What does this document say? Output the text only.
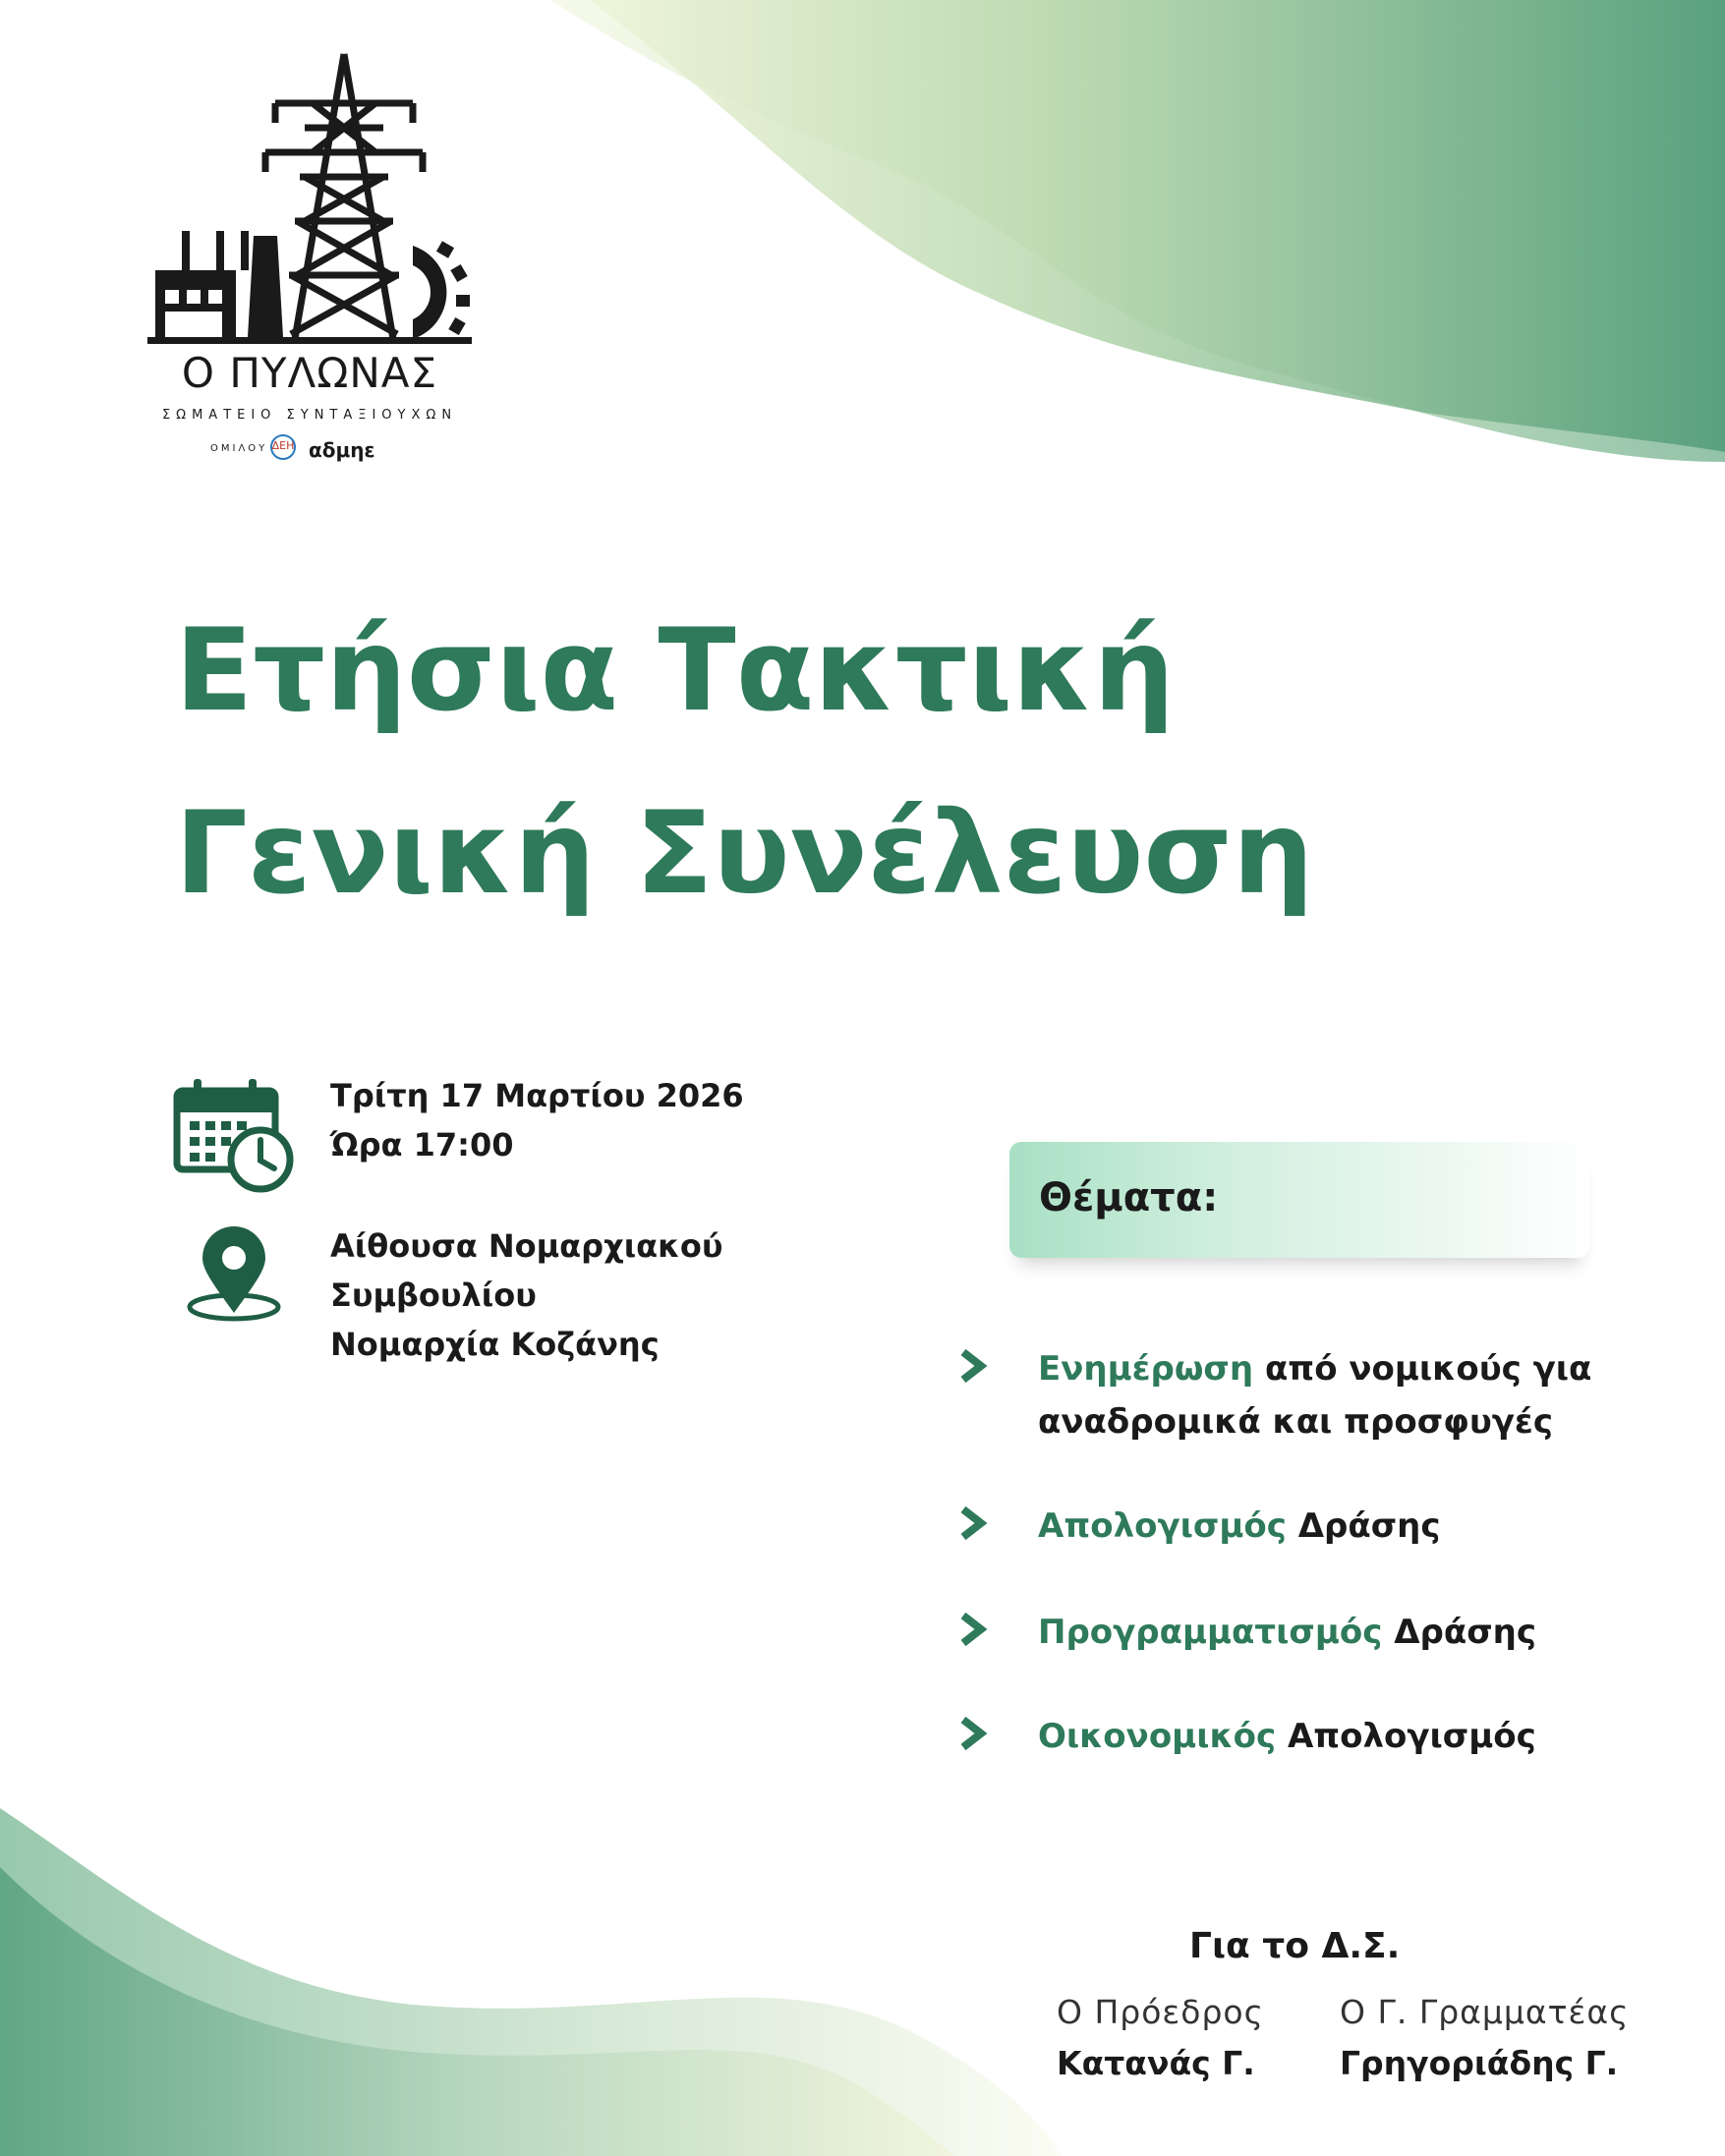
Ο ΠΥΛΩΝΑΣ
ΣΩΜΑΤΕΙΟ ΣΥΝΤΑΞΙΟΥΧΩΝ
ΟΜΙΛΟΥ ΔΕΗ αδμηε
Ετήσια Τακτική
Γενική Συνέλευση
Τρίτη 17 Μαρτίου 2026
Ώρα 17:00
Αίθουσα Νομαρχιακού
Συμβουλίου
Νομαρχία Κοζάνης
Θέματα:
Ενημέρωση από νομικούς για
αναδρομικά και προσφυγές
Απολογισμός Δράσης
Προγραμματισμός Δράσης
Οικονομικός Απολογισμός
Για το Δ.Σ.
Ο Πρόεδρος
Κατανάς Γ.
Ο Γ. Γραμματέας
Γρηγοριάδης Γ.
